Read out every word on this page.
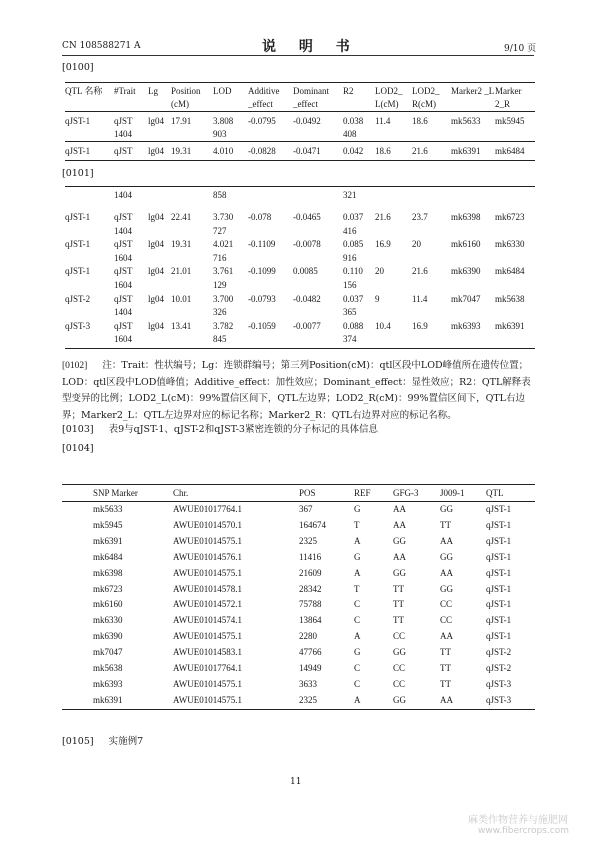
CN 108588271 A	说 明 书	9/10 页
[0100]
QTL 名称	#Trait	Lg	Position (cM)	LOD	Additive _effect	Dominant _effect	R2	LOD2_ L(cM)	LOD2_ R(cM)	Marker2 _L	Marker 2_R
qJST-1	qJST 1404	lg04	17.91	3.808 903	-0.0795	-0.0492	0.038 408	11.4	18.6	mk5633	mk5945
qJST-1	qJST	lg04	19.31	4.010	-0.0828	-0.0471	0.042	18.6	21.6	mk6391	mk6484
[0101]
	1404			858			321				
qJST-1	qJST 1404	lg04	22.41	3.730 727	-0.078	-0.0465	0.037 416	21.6	23.7	mk6398	mk6723
qJST-1	qJST 1604	lg04	19.31	4.021 716	-0.1109	-0.0078	0.085 916	16.9	20	mk6160	mk6330
qJST-1	qJST 1604	lg04	21.01	3.761 129	-0.1099	0.0085	0.110 156	20	21.6	mk6390	mk6484
qJST-2	qJST 1404	lg04	10.01	3.700 326	-0.0793	-0.0482	0.037 365	9	11.4	mk7047	mk5638
qJST-3	qJST 1604	lg04	13.41	3.782 845	-0.1059	-0.0077	0.088 374	10.4	16.9	mk6393	mk6391
[0102] 注：Trait：性状编号；Lg：连锁群编号；第三列Position(cM)：qtl区段中LOD峰值所在遗传位置；LOD：qtl区段中LOD值峰值；Additive_effect：加性效应；Dominant_effect：显性效应；R2：QTL解释表型变异的比例；LOD2_L(cM)：99%置信区间下，QTL左边界；LOD2_R(cM)：99%置信区间下，QTL右边界；Marker2_L：QTL左边界对应的标记名称；Marker2_R：QTL右边界对应的标记名称。
[0103] 表9与qJST-1、qJST-2和qJST-3紧密连锁的分子标记的具体信息
[0104]
SNP Marker	Chr.	POS	REF	GFG-3	J009-1	QTL
mk5633	AWUE01017764.1	367	G	AA	GG	qJST-1
mk5945	AWUE01014570.1	164674	T	AA	TT	qJST-1
mk6391	AWUE01014575.1	2325	A	GG	AA	qJST-1
mk6484	AWUE01014576.1	11416	G	AA	GG	qJST-1
mk6398	AWUE01014575.1	21609	A	GG	AA	qJST-1
mk6723	AWUE01014578.1	28342	T	TT	GG	qJST-1
mk6160	AWUE01014572.1	75788	C	TT	CC	qJST-1
mk6330	AWUE01014574.1	13864	C	TT	CC	qJST-1
mk6390	AWUE01014575.1	2280	A	CC	AA	qJST-1
mk7047	AWUE01014583.1	47766	G	GG	TT	qJST-2
mk5638	AWUE01017764.1	14949	C	CC	TT	qJST-2
mk6393	AWUE01014575.1	3633	C	CC	TT	qJST-3
mk6391	AWUE01014575.1	2325	A	GG	AA	qJST-3
[0105] 实施例7
11
麻类作物营养与施肥网
www.fibercrops.com
